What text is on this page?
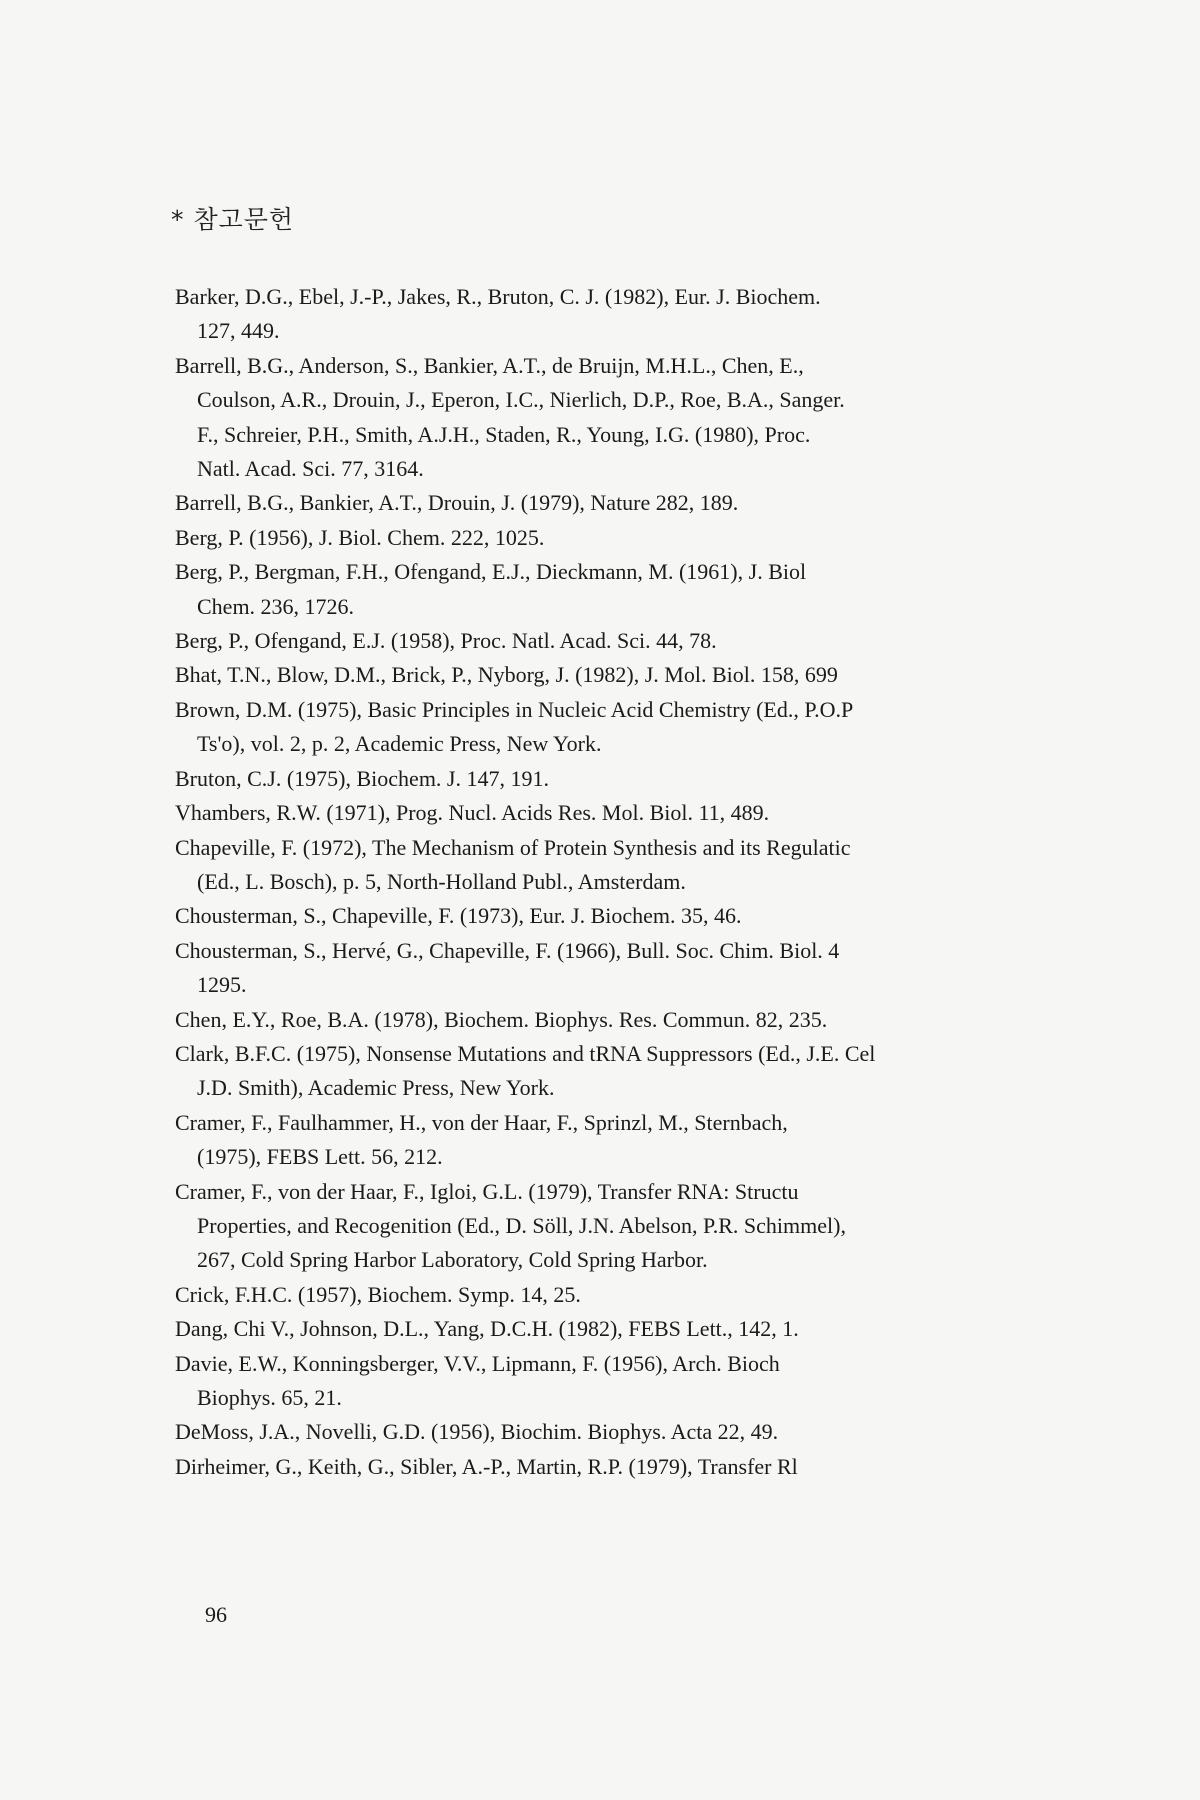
* 참고문헌
Barker, D.G., Ebel, J.-P., Jakes, R., Bruton, C. J. (1982), Eur. J. Biochem.
127, 449.
Barrell, B.G., Anderson, S., Bankier, A.T., de Bruijn, M.H.L., Chen, E.,
Coulson, A.R., Drouin, J., Eperon, I.C., Nierlich, D.P., Roe, B.A., Sanger.
F., Schreier, P.H., Smith, A.J.H., Staden, R., Young, I.G. (1980), Proc.
Natl. Acad. Sci. 77, 3164.
Barrell, B.G., Bankier, A.T., Drouin, J. (1979), Nature 282, 189.
Berg, P. (1956), J. Biol. Chem. 222, 1025.
Berg, P., Bergman, F.H., Ofengand, E.J., Dieckmann, M. (1961), J. Biol
Chem. 236, 1726.
Berg, P., Ofengand, E.J. (1958), Proc. Natl. Acad. Sci. 44, 78.
Bhat, T.N., Blow, D.M., Brick, P., Nyborg, J. (1982), J. Mol. Biol. 158, 699
Brown, D.M. (1975), Basic Principles in Nucleic Acid Chemistry (Ed., P.O.P
Ts'o), vol. 2, p. 2, Academic Press, New York.
Bruton, C.J. (1975), Biochem. J. 147, 191.
Vhambers, R.W. (1971), Prog. Nucl. Acids Res. Mol. Biol. 11, 489.
Chapeville, F. (1972), The Mechanism of Protein Synthesis and its Regulatic
(Ed., L. Bosch), p. 5, North-Holland Publ., Amsterdam.
Chousterman, S., Chapeville, F. (1973), Eur. J. Biochem. 35, 46.
Chousterman, S., Hervé, G., Chapeville, F. (1966), Bull. Soc. Chim. Biol. 4
1295.
Chen, E.Y., Roe, B.A. (1978), Biochem. Biophys. Res. Commun. 82, 235.
Clark, B.F.C. (1975), Nonsense Mutations and tRNA Suppressors (Ed., J.E. Cel
J.D. Smith), Academic Press, New York.
Cramer, F., Faulhammer, H., von der Haar, F., Sprinzl, M., Sternbach,
(1975), FEBS Lett. 56, 212.
Cramer, F., von der Haar, F., Igloi, G.L. (1979), Transfer RNA: Structu
Properties, and Recogenition (Ed., D. Söll, J.N. Abelson, P.R. Schimmel),
267, Cold Spring Harbor Laboratory, Cold Spring Harbor.
Crick, F.H.C. (1957), Biochem. Symp. 14, 25.
Dang, Chi V., Johnson, D.L., Yang, D.C.H. (1982), FEBS Lett., 142, 1.
Davie, E.W., Konningsberger, V.V., Lipmann, F. (1956), Arch. Bioch
Biophys. 65, 21.
DeMoss, J.A., Novelli, G.D. (1956), Biochim. Biophys. Acta 22, 49.
Dirheimer, G., Keith, G., Sibler, A.-P., Martin, R.P. (1979), Transfer Rl
96
